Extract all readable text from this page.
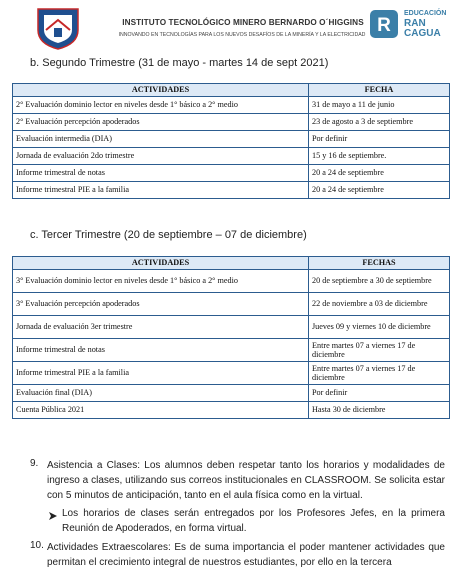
INSTITUTO TECNOLÓGICO MINERO BERNARDO O´HIGGINS
INNOVANDO EN TECNOLOGÍAS PARA LOS NUEVOS DESAFÍOS DE LA MINERÍA Y LA ELECTRICIDAD R
EDUCACIÓN
RAN
CAGUA
b. Segundo Trimestre (31 de mayo - martes 14 de sept 2021)
ACTIVIDADES	FECHA
2° Evaluación dominio lector en niveles desde 1° básico a 2° medio	31 de mayo a 11 de junio
2° Evaluación percepción apoderados	23 de agosto a 3 de septiembre
Evaluación intermedia (DIA)	Por definir
Jornada de evaluación 2do trimestre	15 y 16 de septiembre.
Informe trimestral de notas	20 a 24 de septiembre
Informe trimestral PIE a la familia	20 a 24 de septiembre
c. Tercer Trimestre (20 de septiembre – 07 de diciembre)
ACTIVIDADES	FECHAS
3° Evaluación dominio lector en niveles desde 1° básico a 2° medio	20 de septiembre a 30 de septiembre
3° Evaluación percepción apoderados	22 de noviembre a 03 de diciembre
Jornada de evaluación 3er trimestre	Jueves 09 y viernes 10 de diciembre
Informe trimestral de notas	Entre martes 07 a viernes 17 de diciembre
Informe trimestral PIE a la familia	Entre martes 07 a viernes 17 de diciembre
Evaluación final (DIA)	Por definir
Cuenta Pública 2021	Hasta 30 de diciembre
9. Asistencia a Clases: Los alumnos deben respetar tanto los horarios y modalidades de ingreso a clases, utilizando sus correos institucionales en CLASSROOM. Se solicita estar con 5 minutos de anticipación, tanto en el aula física como en la virtual.
Los horarios de clases serán entregados por los Profesores Jefes, en la primera Reunión de Apoderados, en forma virtual.
10. Actividades Extraescolares: Es de suma importancia el poder mantener actividades que permitan el crecimiento integral de nuestros estudiantes, por ello en la tercera
